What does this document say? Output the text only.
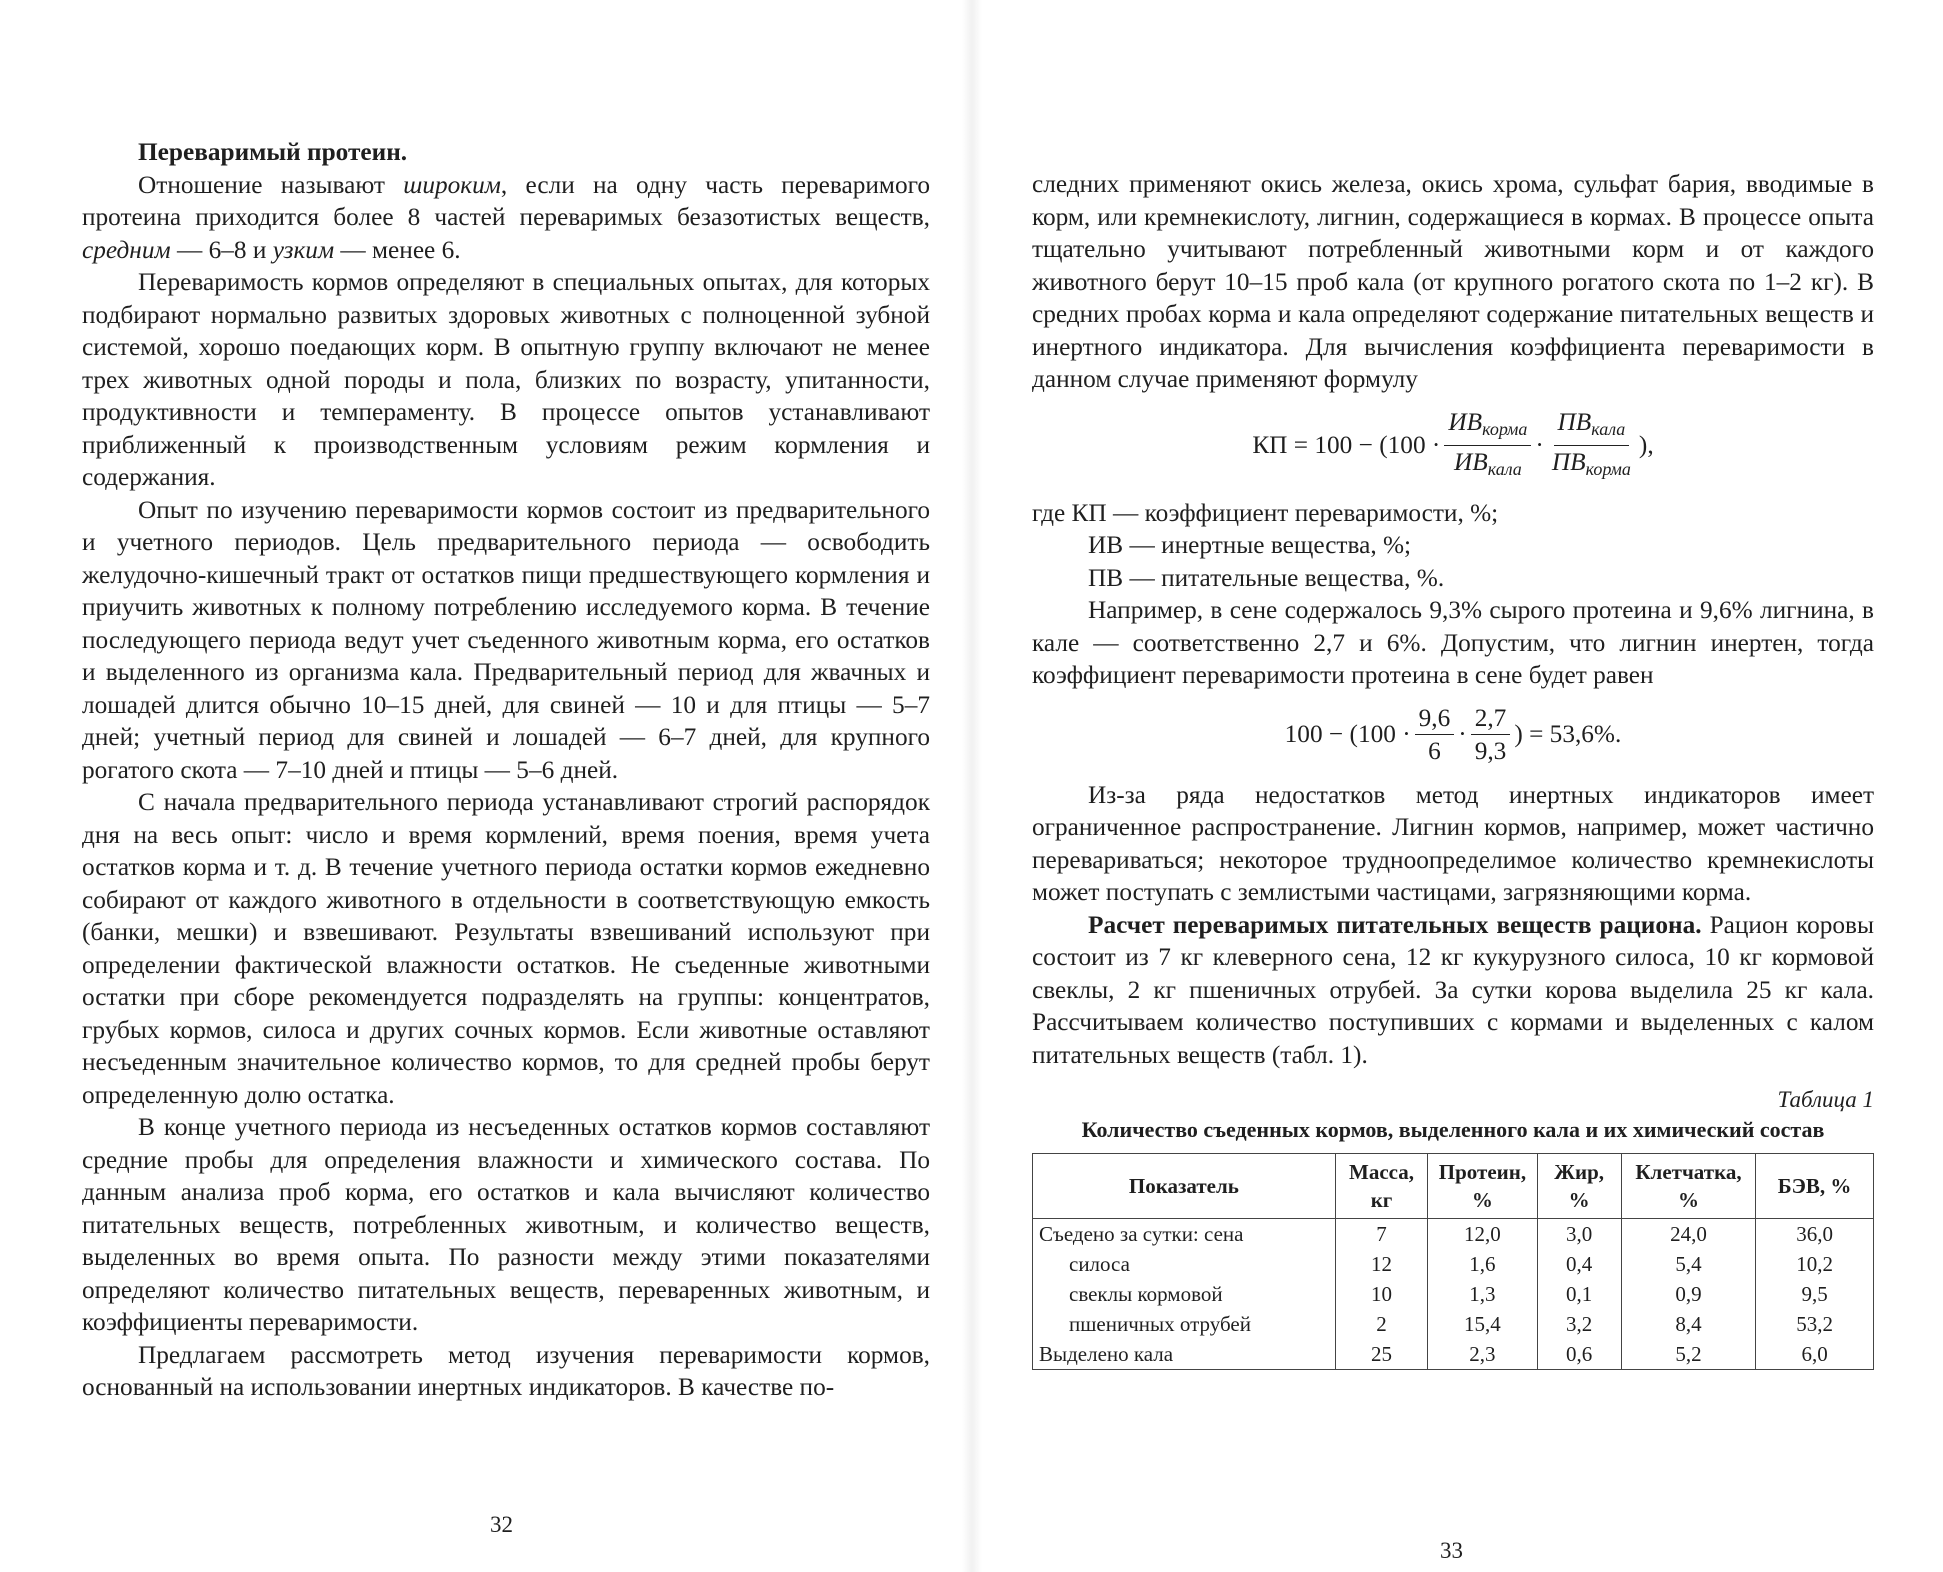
Переваримый протеин.

Отношение называют широким, если на одну часть переваримого протеина приходится более 8 частей переваримых безазотистых веществ, средним — 6–8 и узким — менее 6.

Переваримость кормов определяют в специальных опытах, для которых подбирают нормально развитых здоровых животных с полноценной зубной системой, хорошо поедающих корм. В опытную группу включают не менее трех животных одной породы и пола, близких по возрасту, упитанности, продуктивности и темпераменту. В процессе опытов устанавливают приближенный к производственным условиям режим кормления и содержания.

Опыт по изучению переваримости кормов состоит из предварительного и учетного периодов. Цель предварительного периода — освободить желудочно-кишечный тракт от остатков пищи предшествующего кормления и приучить животных к полному потреблению исследуемого корма. В течение последующего периода ведут учет съеденного животным корма, его остатков и выделенного из организма кала. Предварительный период для жвачных и лошадей длится обычно 10–15 дней, для свиней — 10 и для птицы — 5–7 дней; учетный период для свиней и лошадей — 6–7 дней, для крупного рогатого скота — 7–10 дней и птицы — 5–6 дней.

С начала предварительного периода устанавливают строгий распорядок дня на весь опыт: число и время кормлений, время поения, время учета остатков корма и т. д. В течение учетного периода остатки кормов ежедневно собирают от каждого животного в отдельности в соответствующую емкость (банки, мешки) и взвешивают. Результаты взвешиваний используют при определении фактической влажности остатков. Не съеденные животными остатки при сборе рекомендуется подразделять на группы: концентратов, грубых кормов, силоса и других сочных кормов. Если животные оставляют несъеденным значительное количество кормов, то для средней пробы берут определенную долю остатка.

В конце учетного периода из несъеденных остатков кормов составляют средние пробы для определения влажности и химического состава. По данным анализа проб корма, его остатков и кала вычисляют количество питательных веществ, потребленных животным, и количество веществ, выделенных во время опыта. По разности между этими показателями определяют количество питательных веществ, переваренных животным, и коэффициенты переваримости.

Предлагаем рассмотреть метод изучения переваримости кормов, основанный на использовании инертных индикаторов. В качестве по-

32

следних применяют окись железа, окись хрома, сульфат бария, вводимые в корм, или кремнекислоту, лигнин, содержащиеся в кормах. В процессе опыта тщательно учитывают потребленный животными корм и от каждого животного берут 10–15 проб кала (от крупного рогатого скота по 1–2 кг). В средних пробах корма и кала определяют содержание питательных веществ и инертного индикатора. Для вычисления коэффициента переваримости в данном случае применяют формулу

КП = $100 - (100 \cdot \frac{ИВ_{корма}}{ИВ_{кала}} \cdot \frac{ПВ_{кала}}{ПВ_{корма}}$ ),

где КП — коэффициент переваримости, %;

ИВ — инертные вещества, %;

ПВ — питательные вещества, %.

Например, в сене содержалось 9,3% сырого протеина и 9,6% лигнина, в кале — соответственно 2,7 и 6%. Допустим, что лигнин инертен, тогда коэффициент переваримости протеина в сене будет равен

$100 - (100 \cdot \frac{9,6}{6} \cdot \frac{2,7}{9,3}$ ) = 53,6%.

Из-за ряда недостатков метод инертных индикаторов имеет ограниченное распространение. Лигнин кормов, например, может частично перевариваться; некоторое трудноопределимое количество кремнекислоты может поступать с землистыми частицами, загрязняющими корма.

Расчет переваримых питательных веществ рациона. Рацион коровы состоит из 7 кг клеверного сена, 12 кг кукурузного силоса, 10 кг кормовой свеклы, 2 кг пшеничных отрубей. За сутки корова выделила 25 кг кала. Рассчитываем количество поступивших с кормами и выделенных с калом питательных веществ (табл. 1).

Таблица 1
Количество съеденных кормов, выделенного кала и их химический состав
Показатель	Масса, кг	Протеин, %	Жир, %	Клетчатка, %	БЭВ, %
Съедено за сутки: сена	7	12,0	3,0	24,0	36,0
силоса	12	1,6	0,4	5,4	10,2
свеклы кормовой	10	1,3	0,1	0,9	9,5
пшеничных отрубей	2	15,4	3,2	8,4	53,2
Выделено кала	25	2,3	0,6	5,2	6,0
33
